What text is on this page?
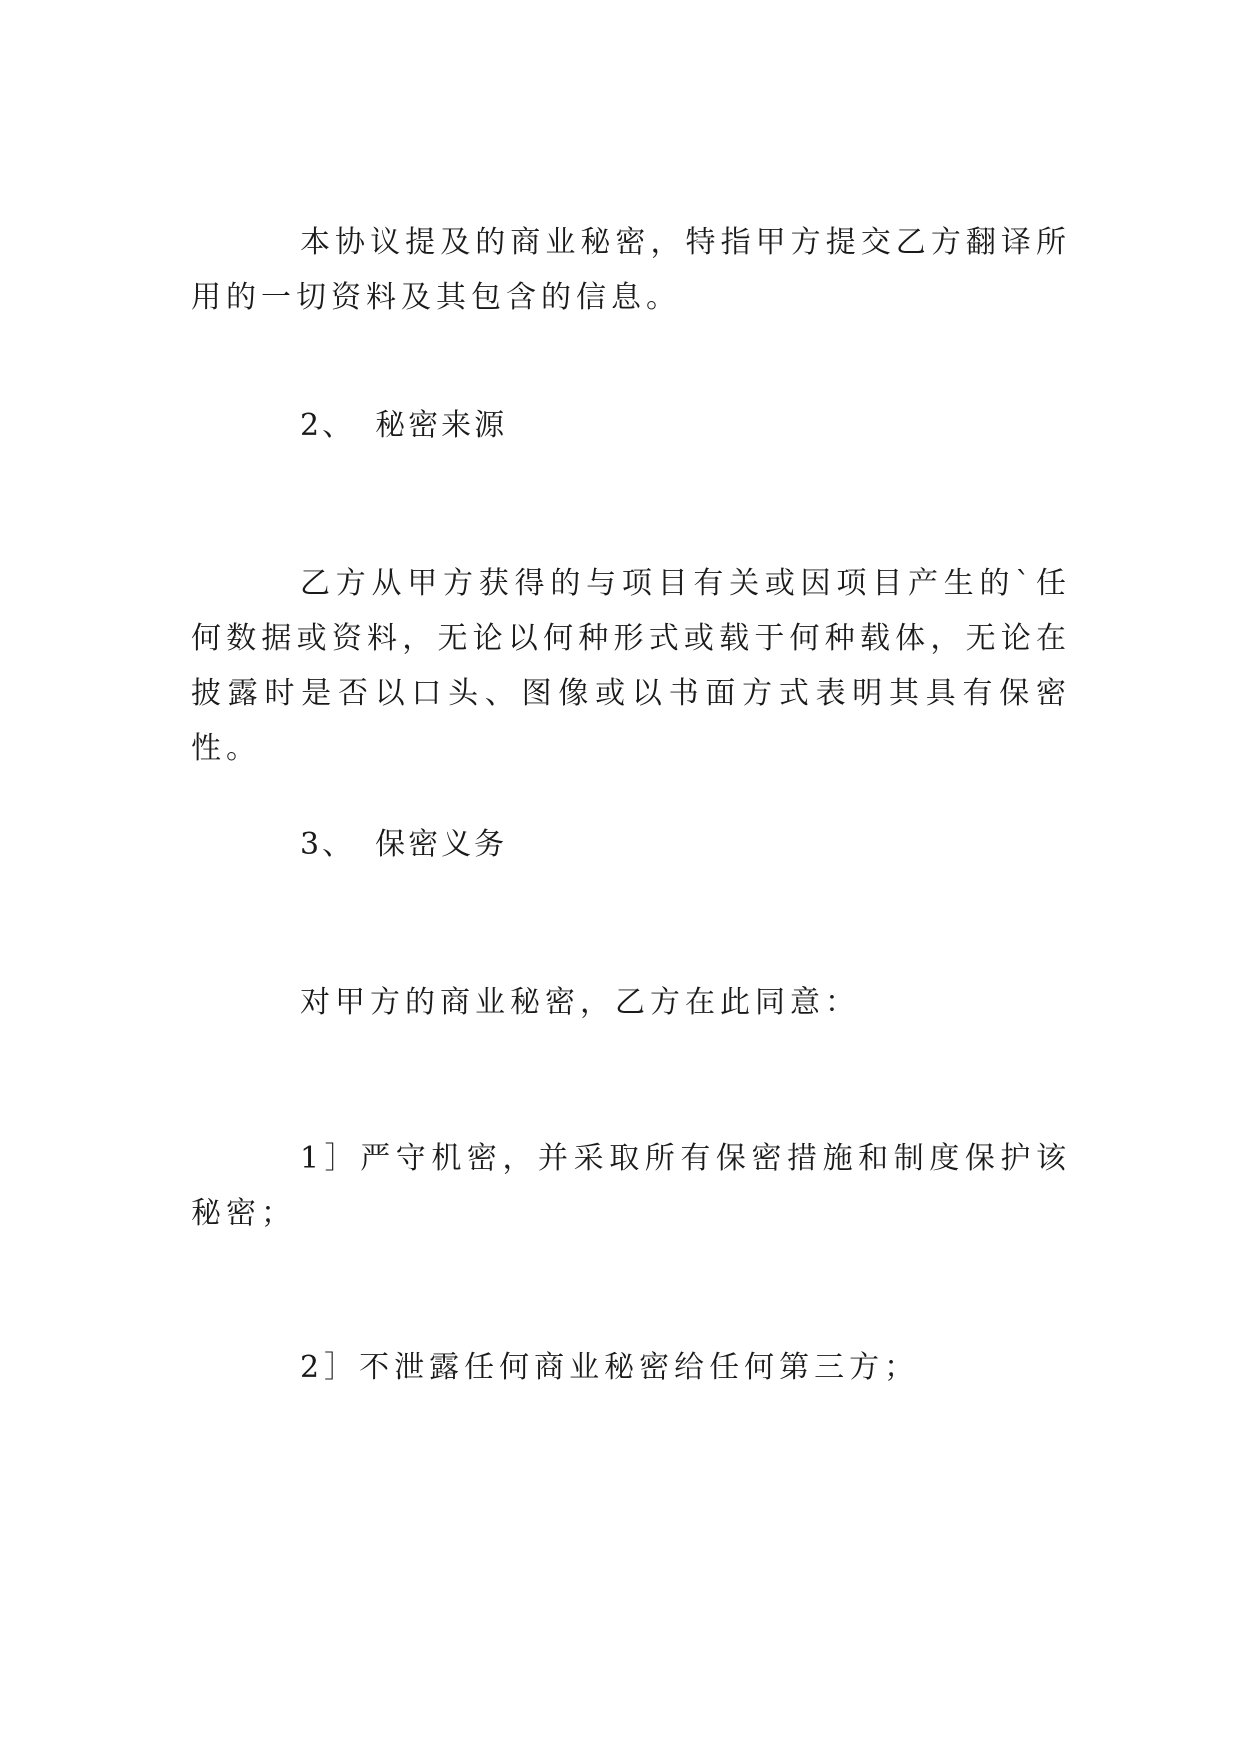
本协议提及的商业秘密，特指甲方提交乙方翻译所用的一切资料及其包含的信息。

2、 秘密来源

乙方从甲方获得的与项目有关或因项目产生的`任何数据或资料，无论以何种形式或载于何种载体，无论在披露时是否以口头、图像或以书面方式表明其具有保密性。

3、 保密义务

对甲方的商业秘密，乙方在此同意：

1］严守机密，并采取所有保密措施和制度保护该秘密；

2］不泄露任何商业秘密给任何第三方；
